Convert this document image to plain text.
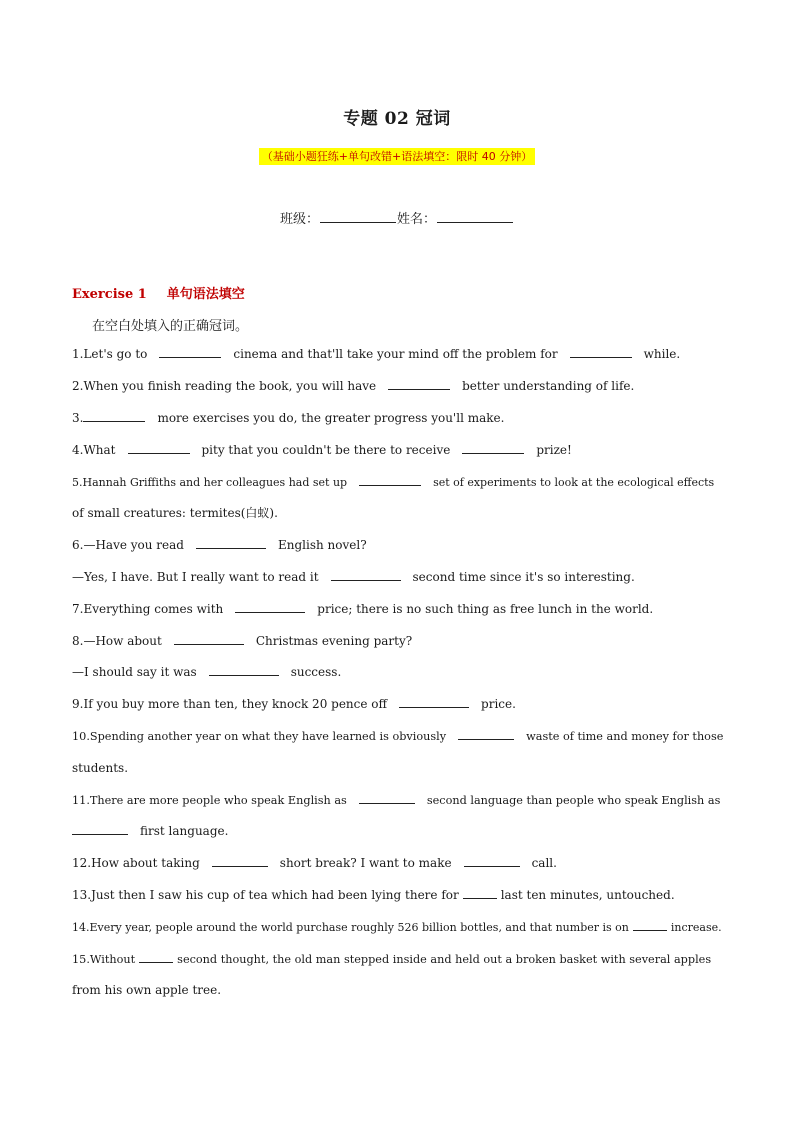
专题 02 冠词
（基础小题狂练+单句改错+语法填空：限时 40 分钟）
班级：	姓名：
Exercise 1 单句语法填空
在空白处填入的正确冠词。
1.Let's go to	cinema and that'll take your mind off the problem for	while.
2.When you finish reading the book, you will have	better understanding of life.
3.	more exercises you do, the greater progress you'll make.
4.What	pity that you couldn't be there to receive	prize!
5.Hannah Griffiths and her colleagues had set up	set of experiments to look at the ecological effects
of small creatures: termites(白蚁).
6.—Have you read	English novel?
—Yes, I have. But I really want to read it	second time since it's so interesting.
7.Everything comes with	price; there is no such thing as free lunch in the world.
8.—How about	Christmas evening party?
—I should say it was	success.
9.If you buy more than ten, they knock 20 pence off	price.
10.Spending another year on what they have learned is obviously	waste of time and money for those
students.
11.There are more people who speak English as	second language than people who speak English as
first language.
12.How about taking	short break? I want to make	call.
13.Just then I saw his cup of tea which had been lying there for	last ten minutes, untouched.
14.Every year, people around the world purchase roughly 526 billion bottles, and that number is on	increase.
15.Without	second thought, the old man stepped inside and held out a broken basket with several apples
from his own apple tree.
